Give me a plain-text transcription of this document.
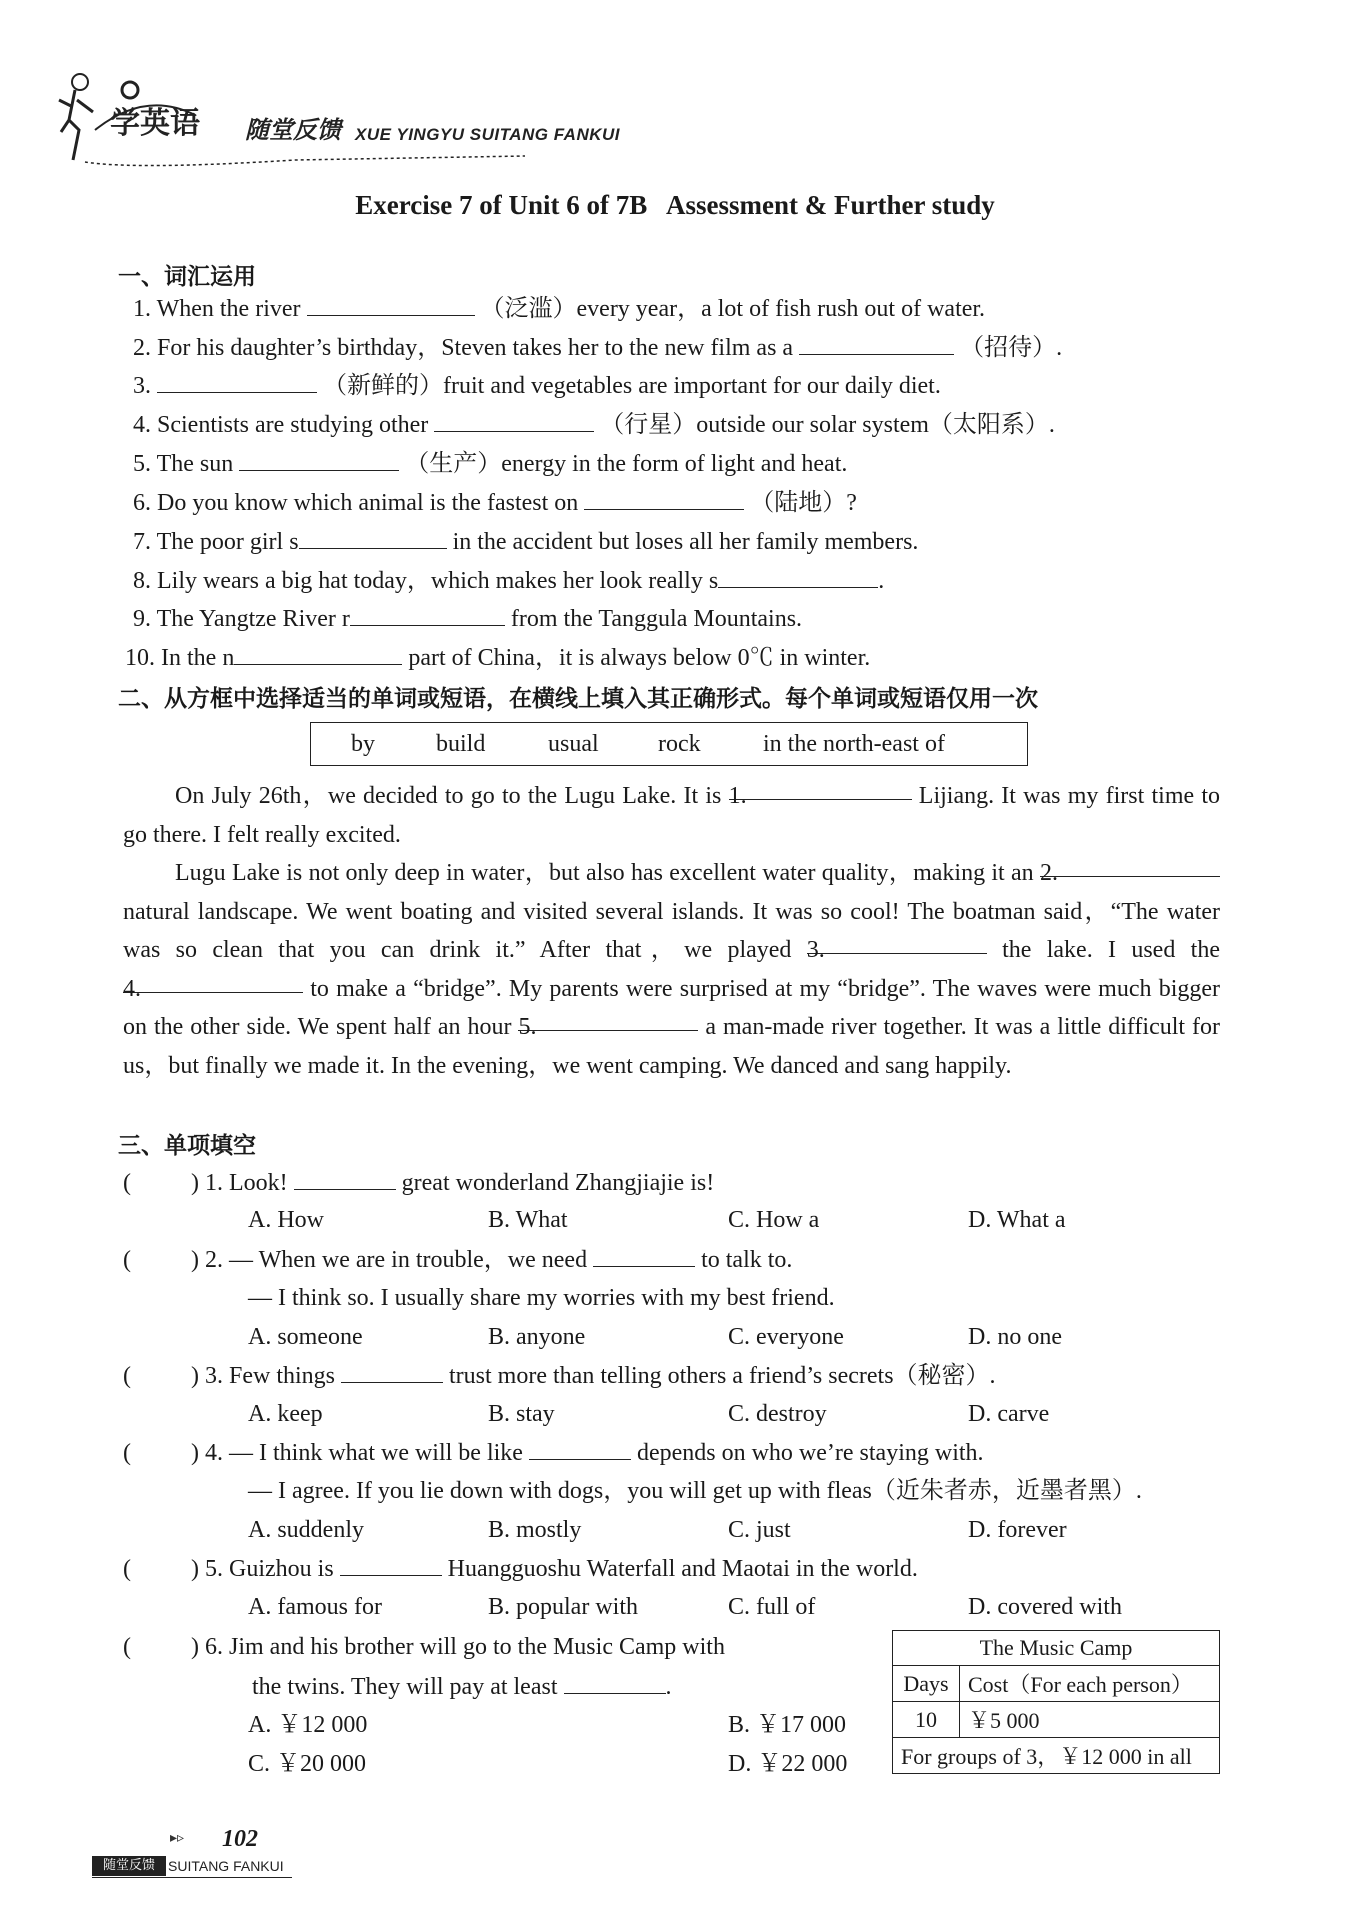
学英语 随堂反馈 XUE YINGYU SUITANG FANKUI
Exercise 7 of Unit 6 of 7B   Assessment & Further study
一、词汇运用
1. When the river	（泛滥）every year，a lot of fish rush out of water.
2. For his daughter’s birthday，Steven takes her to the new film as a	（招待）.
3.	（新鲜的）fruit and vegetables are important for our daily diet.
4. Scientists are studying other	（行星）outside our solar system（太阳系）.
5. The sun	（生产）energy in the form of light and heat.
6. Do you know which animal is the fastest on	（陆地）?
7. The poor girl s	in the accident but loses all her family members.
8. Lily wears a big hat today，which makes her look really s	.
9. The Yangtze River r	from the Tanggula Mountains.
10. In the n	part of China，it is always below 0℃ in winter.
二、从方框中选择适当的单词或短语，在横线上填入其正确形式。每个单词或短语仅用一次
by	build	usual rock	in the north-east of
On July 26th，we decided to go to the Lugu Lake. It is 1.	Lijiang. It was my first time to go there. I felt really excited.
Lugu Lake is not only deep in water，but also has excellent water quality，making it an 2. natural landscape. We went boating and visited several islands. It was so cool! The boatman said，“The water was so clean that you can drink it.” After that，we played 3.	the lake. I used the 4.	to make a “bridge”. My parents were surprised at my “bridge”. The waves were much bigger on the other side. We spent half an hour 5.	a man-made river together. It was a little difficult for us，but finally we made it. In the evening，we went camping. We danced and sang happily.
三、单项填空
(	) 1. Look!	great wonderland Zhangjiajie is!
A. How	B. What	C. How a	D. What a
(	) 2. — When we are in trouble，we need	to talk to.
— I think so. I usually share my worries with my best friend.
A. someone	B. anyone	C. everyone	D. no one
(	) 3. Few things	trust more than telling others a friend’s secrets（秘密）.
A. keep	B. stay	C. destroy	D. carve
(	) 4. — I think what we will be like	depends on who we’re staying with.
— I agree. If you lie down with dogs，you will get up with fleas（近朱者赤，近墨者黑）.
A. suddenly	B. mostly	C. just	D. forever
(	) 5. Guizhou is	Huangguoshu Waterfall and Maotai in the world.
A. famous for	B. popular with	C. full of	D. covered with
(	) 6. Jim and his brother will go to the Music Camp with
the twins. They will pay at least	.
A. ￥12 000	B. ￥17 000
C. ￥20 000	D. ￥22 000
The Music Camp	
Days	Cost（For each person）
10	￥5 000
For groups of 3，￥12 000 in all	
▸▹ 102
随堂反馈 SUITANG FANKUI
